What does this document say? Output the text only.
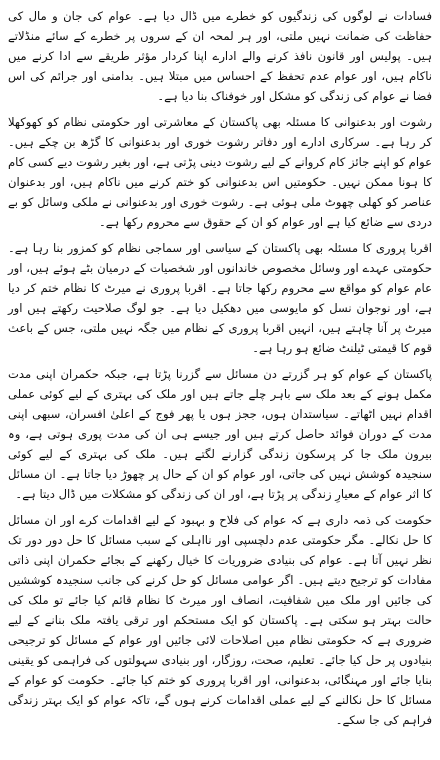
فسادات نے لوگوں کی زندگیوں کو خطرے میں ڈال دیا ہے۔ عوام کی جان و مال کی حفاظت کی ضمانت نہیں ملتی، اور ہر لمحہ ان کے سروں پر خطرے کے سائے منڈلاتے ہیں۔ پولیس اور قانون نافذ کرنے والے ادارے اپنا کردار مؤثر طریقے سے ادا کرنے میں ناکام ہیں، اور عوام عدم تحفظ کے احساس میں مبتلا ہیں۔ بدامنی اور جرائم کی اس فضا نے عوام کی زندگی کو مشکل اور خوفناک بنا دیا ہے۔

رشوت اور بدعنوانی کا مسئلہ بھی پاکستان کے معاشرتی اور حکومتی نظام کو کھوکھلا کر رہا ہے۔ سرکاری ادارے اور دفاتر رشوت خوری اور بدعنوانی کا گڑھ بن چکے ہیں۔ عوام کو اپنے جائز کام کروانے کے لیے رشوت دینی پڑتی ہے، اور بغیر رشوت دیے کسی کام کا ہونا ممکن نہیں۔ حکومتیں اس بدعنوانی کو ختم کرنے میں ناکام ہیں، اور بدعنوان عناصر کو کھلی چھوٹ ملی ہوئی ہے۔ رشوت خوری اور بدعنوانی نے ملکی وسائل کو بے دردی سے ضائع کیا ہے اور عوام کو ان کے حقوق سے محروم رکھا ہے۔

اقربا پروری کا مسئلہ بھی پاکستان کے سیاسی اور سماجی نظام کو کمزور بنا رہا ہے۔ حکومتی عہدے اور وسائل مخصوص خاندانوں اور شخصیات کے درمیان بٹے ہوئے ہیں، اور عام عوام کو مواقع سے محروم رکھا جاتا ہے۔ اقربا پروری نے میرٹ کا نظام ختم کر دیا ہے، اور نوجوان نسل کو مایوسی میں دھکیل دیا ہے۔ جو لوگ صلاحیت رکھتے ہیں اور میرٹ پر آنا چاہتے ہیں، انہیں اقربا پروری کے نظام میں جگہ نہیں ملتی، جس کے باعث قوم کا قیمتی ٹیلنٹ ضائع ہو رہا ہے۔

پاکستان کے عوام کو ہر گزرتے دن مسائل سے گزرنا پڑتا ہے، جبکہ حکمران اپنی مدت مکمل ہونے کے بعد ملک سے باہر چلے جاتے ہیں اور ملک کی بہتری کے لیے کوئی عملی اقدام نہیں اٹھاتے۔ سیاستدان ہوں، ججز ہوں یا پھر فوج کے اعلیٰ افسران، سبھی اپنی مدت کے دوران فوائد حاصل کرتے ہیں اور جیسے ہی ان کی مدت پوری ہوتی ہے، وہ بیرون ملک جا کر پرسکون زندگی گزارنے لگتے ہیں۔ ملک کی بہتری کے لیے کوئی سنجیدہ کوشش نہیں کی جاتی، اور عوام کو ان کے حال پر چھوڑ دیا جاتا ہے۔ ان مسائل کا اثر عوام کے معیارِ زندگی پر پڑتا ہے، اور ان کی زندگی کو مشکلات میں ڈال دیتا ہے۔

حکومت کی ذمہ داری ہے کہ عوام کی فلاح و بہبود کے لیے اقدامات کرے اور ان مسائل کا حل نکالے۔ مگر حکومتی عدم دلچسپی اور نااہلی کے سبب مسائل کا حل دور دور تک نظر نہیں آتا ہے۔ عوام کی بنیادی ضروریات کا خیال رکھنے کے بجائے حکمران اپنی ذاتی مفادات کو ترجیح دیتے ہیں۔ اگر عوامی مسائل کو حل کرنے کی جانب سنجیدہ کوششیں کی جائیں اور ملک میں شفافیت، انصاف اور میرٹ کا نظام قائم کیا جائے تو ملک کی حالت بہتر ہو سکتی ہے۔ پاکستان کو ایک مستحکم اور ترقی یافتہ ملک بنانے کے لیے ضروری ہے کہ حکومتی نظام میں اصلاحات لائی جائیں اور عوام کے مسائل کو ترجیحی بنیادوں پر حل کیا جائے۔ تعلیم، صحت، روزگار، اور بنیادی سہولتوں کی فراہمی کو یقینی بنایا جائے اور مہنگائی، بدعنوانی، اور اقربا پروری کو ختم کیا جائے۔ حکومت کو عوام کے مسائل کا حل نکالنے کے لیے عملی اقدامات کرنے ہوں گے، تاکہ عوام کو ایک بہتر زندگی فراہم کی جا سکے۔
